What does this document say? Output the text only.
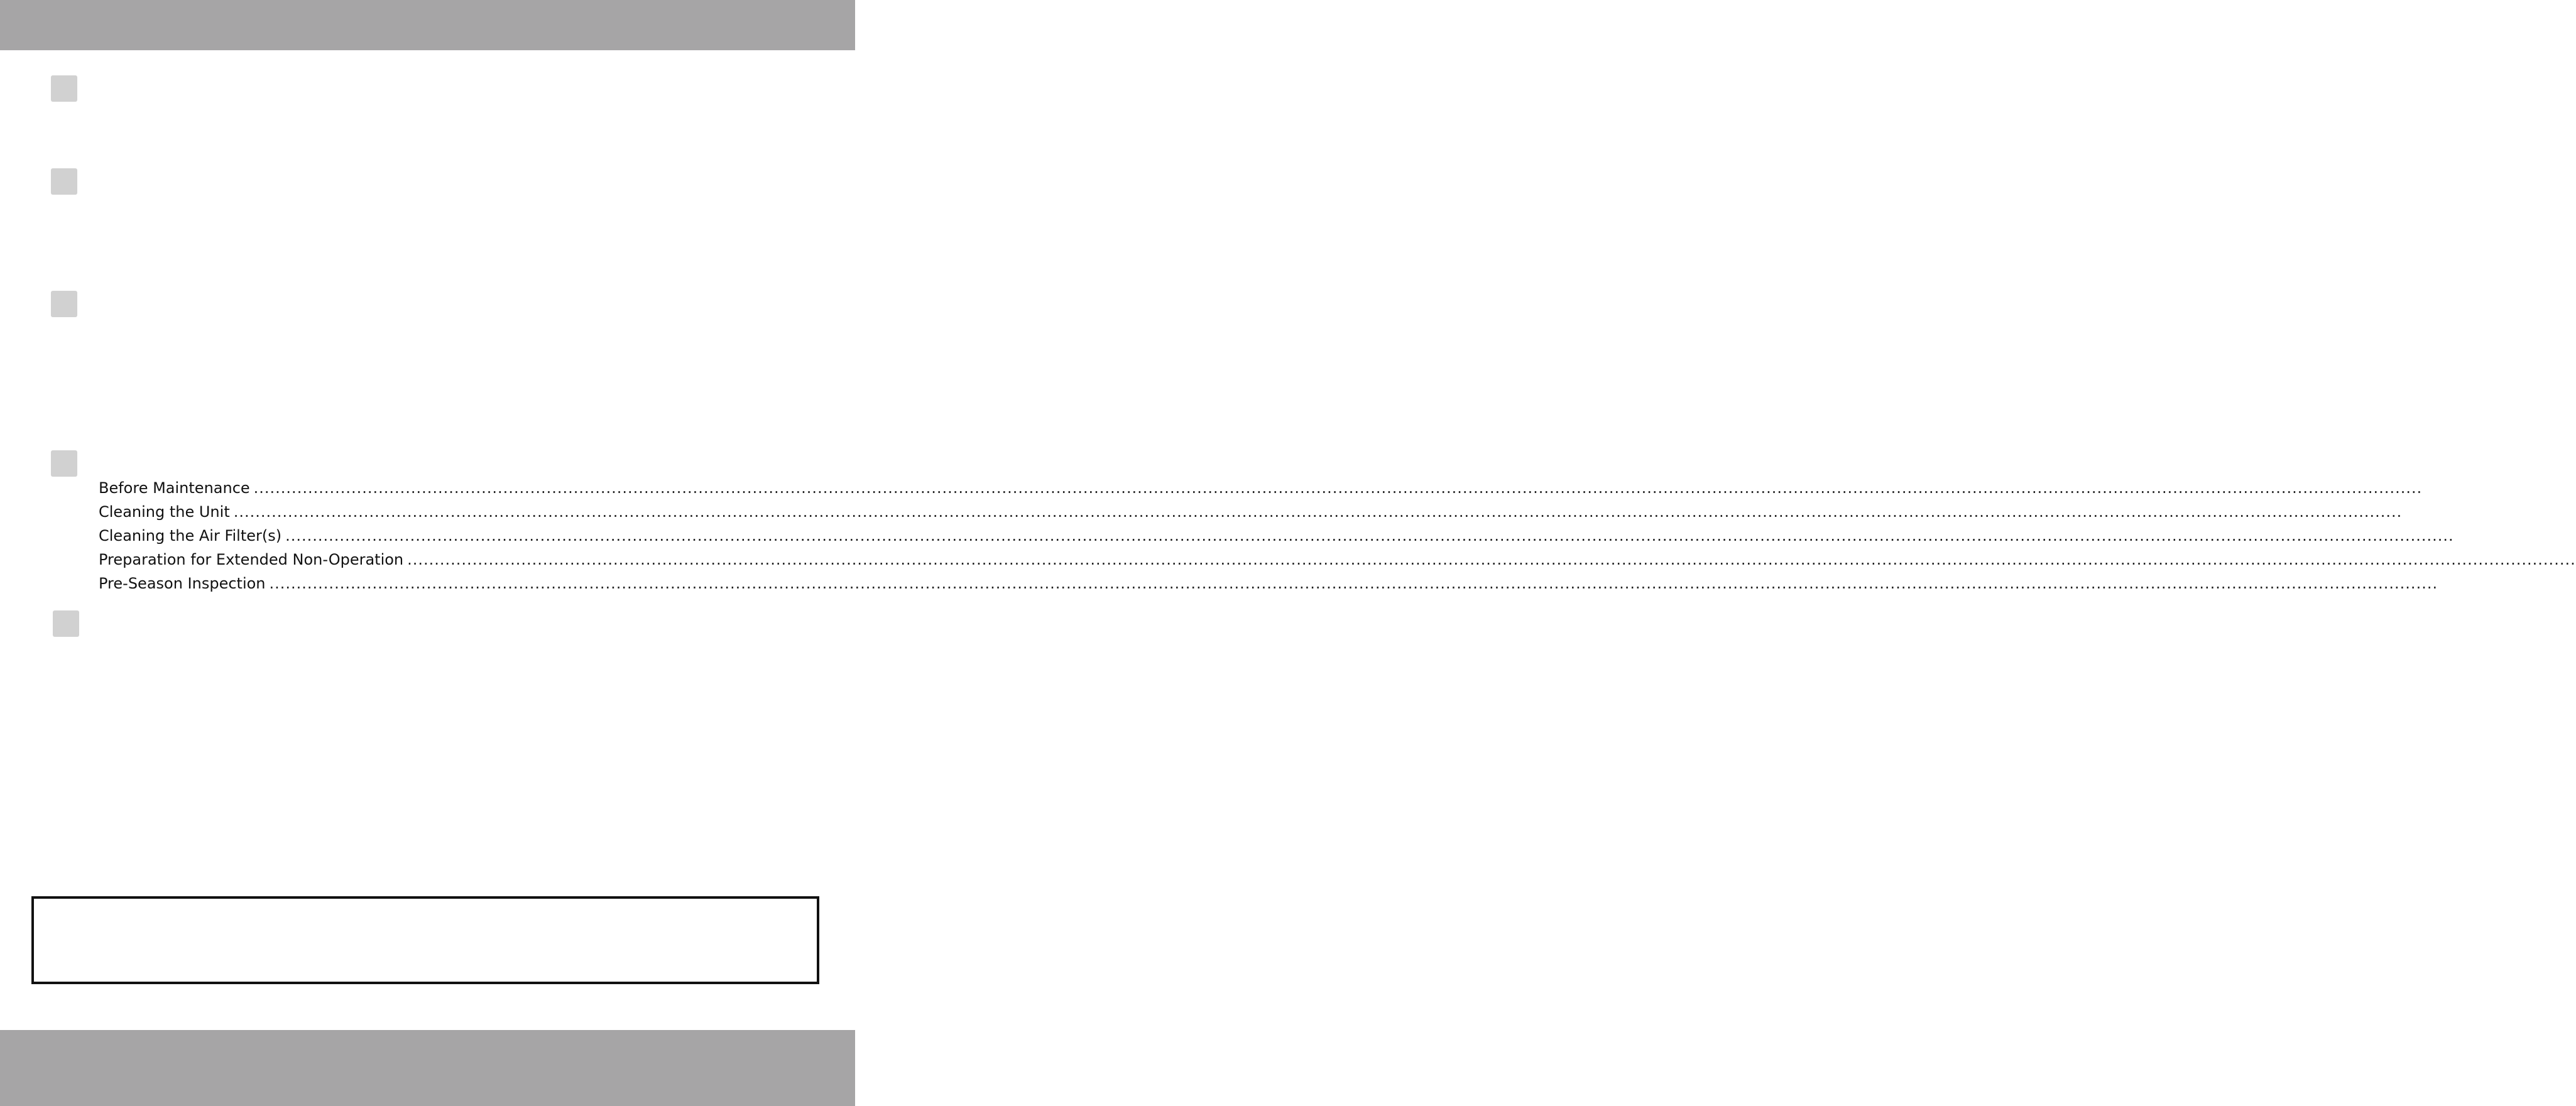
Before Maintenance ................................................................................................................................................................................................................................................................................................................................................................................................................
Cleaning the Unit ................................................................................................................................................................................................................................................................................................................................................................................................................
Cleaning the Air Filter(s) ................................................................................................................................................................................................................................................................................................................................................................................................................
Preparation for Extended Non-Operation ................................................................................................................................................................................................................................................................................................................................................................................................................
Pre-Season Inspection ................................................................................................................................................................................................................................................................................................................................................................................................................
